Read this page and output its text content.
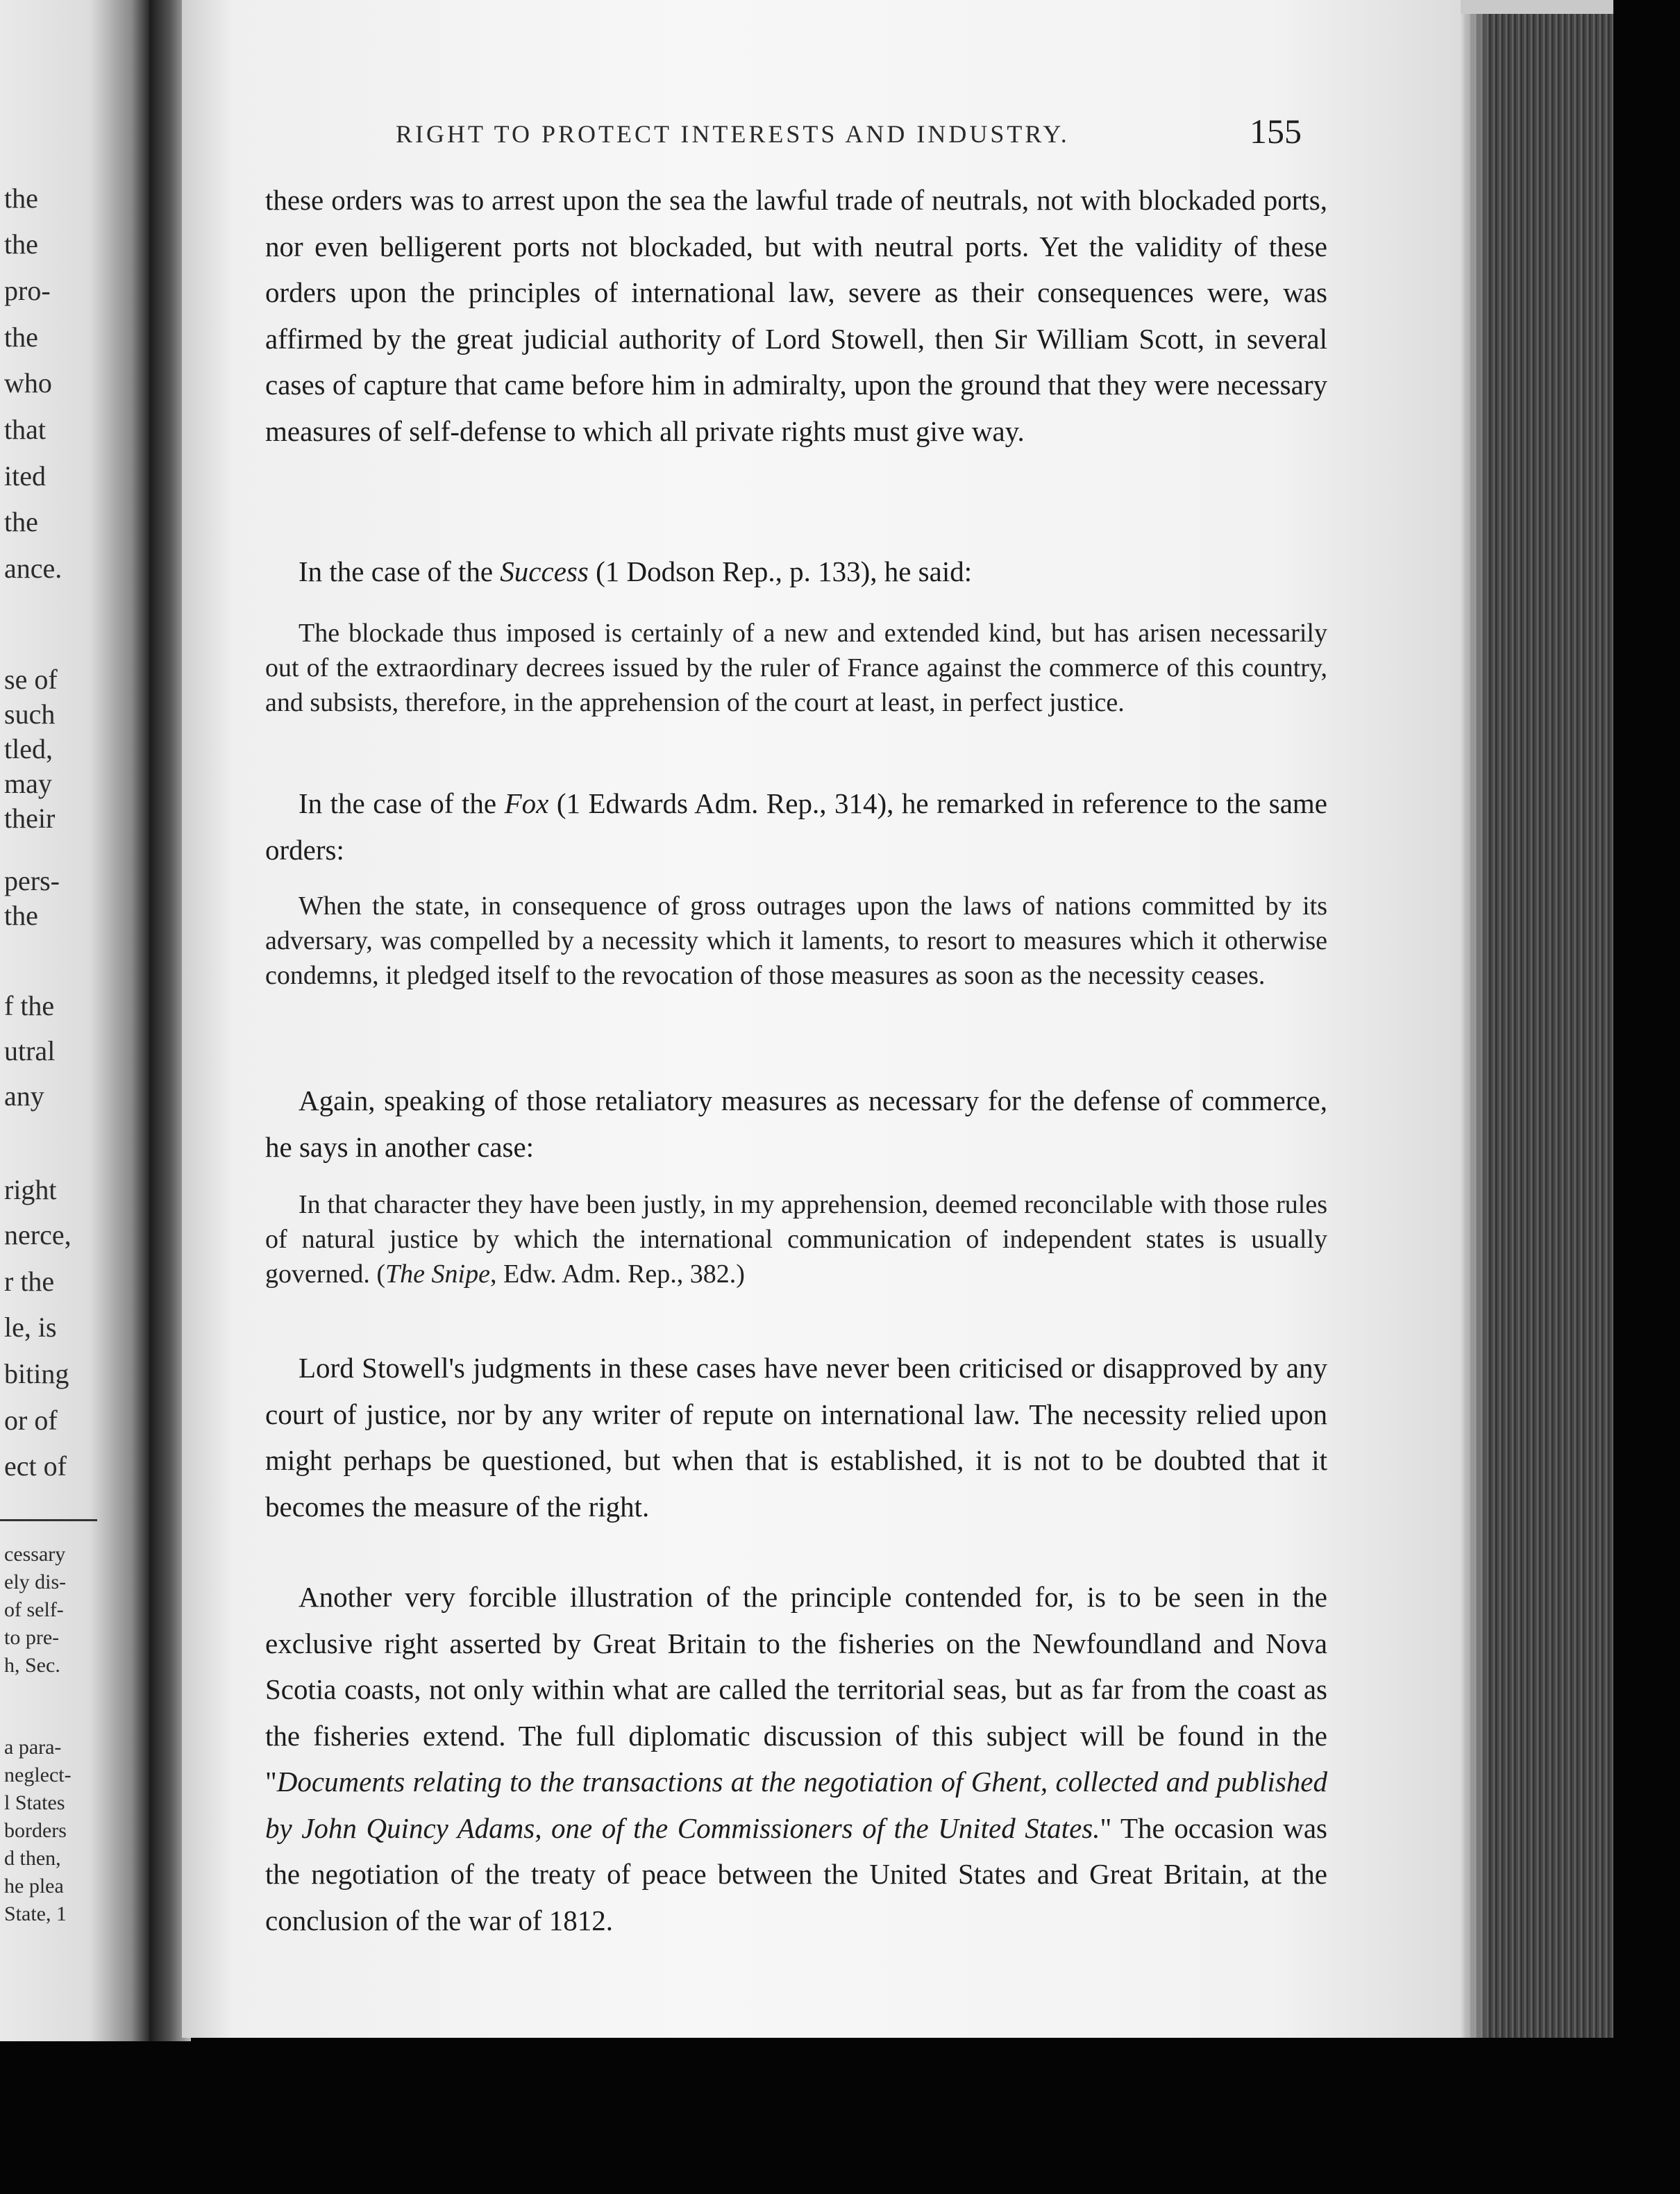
the
the
pro-
the
who
that
ited
the
ance.
se of
such
tled,
may
their
pers-
the
f the
utral
any
right
nerce,
r the
le, is
biting
or of
ect of
cessary
ely dis-
of self-
to pre-
h, Sec.
a para-
neglect-
l States
borders
d then,
he plea
State, 1
RIGHT TO PROTECT INTERESTS AND INDUSTRY.	155

these orders was to arrest upon the sea the lawful trade of neutrals, not with blockaded ports, nor even belligerent ports not blockaded, but with neutral ports. Yet the validity of these orders upon the principles of international law, severe as their consequences were, was affirmed by the great judicial authority of Lord Stowell, then Sir William Scott, in several cases of capture that came before him in admiralty, upon the ground that they were necessary measures of self-defense to which all private rights must give way.

In the case of the Success (1 Dodson Rep., p. 133), he said:

The blockade thus imposed is certainly of a new and extended kind, but has arisen necessarily out of the extraordinary decrees issued by the ruler of France against the commerce of this country, and subsists, therefore, in the apprehension of the court at least, in perfect justice.

In the case of the Fox (1 Edwards Adm. Rep., 314), he remarked in reference to the same orders:

When the state, in consequence of gross outrages upon the laws of nations committed by its adversary, was compelled by a necessity which it laments, to resort to measures which it otherwise condemns, it pledged itself to the revocation of those measures as soon as the necessity ceases.

Again, speaking of those retaliatory measures as necessary for the defense of commerce, he says in another case:

In that character they have been justly, in my apprehension, deemed reconcilable with those rules of natural justice by which the international communication of independent states is usually governed. (The Snipe, Edw. Adm. Rep., 382.)

Lord Stowell's judgments in these cases have never been criticised or disapproved by any court of justice, nor by any writer of repute on international law. The necessity relied upon might perhaps be questioned, but when that is established, it is not to be doubted that it becomes the measure of the right.

Another very forcible illustration of the principle contended for, is to be seen in the exclusive right asserted by Great Britain to the fisheries on the Newfoundland and Nova Scotia coasts, not only within what are called the territorial seas, but as far from the coast as the fisheries extend. The full diplomatic discussion of this subject will be found in the "Documents relating to the transactions at the negotiation of Ghent, collected and published by John Quincy Adams, one of the Commissioners of the United States." The occasion was the negotiation of the treaty of peace between the United States and Great Britain, at the conclusion of the war of 1812.
